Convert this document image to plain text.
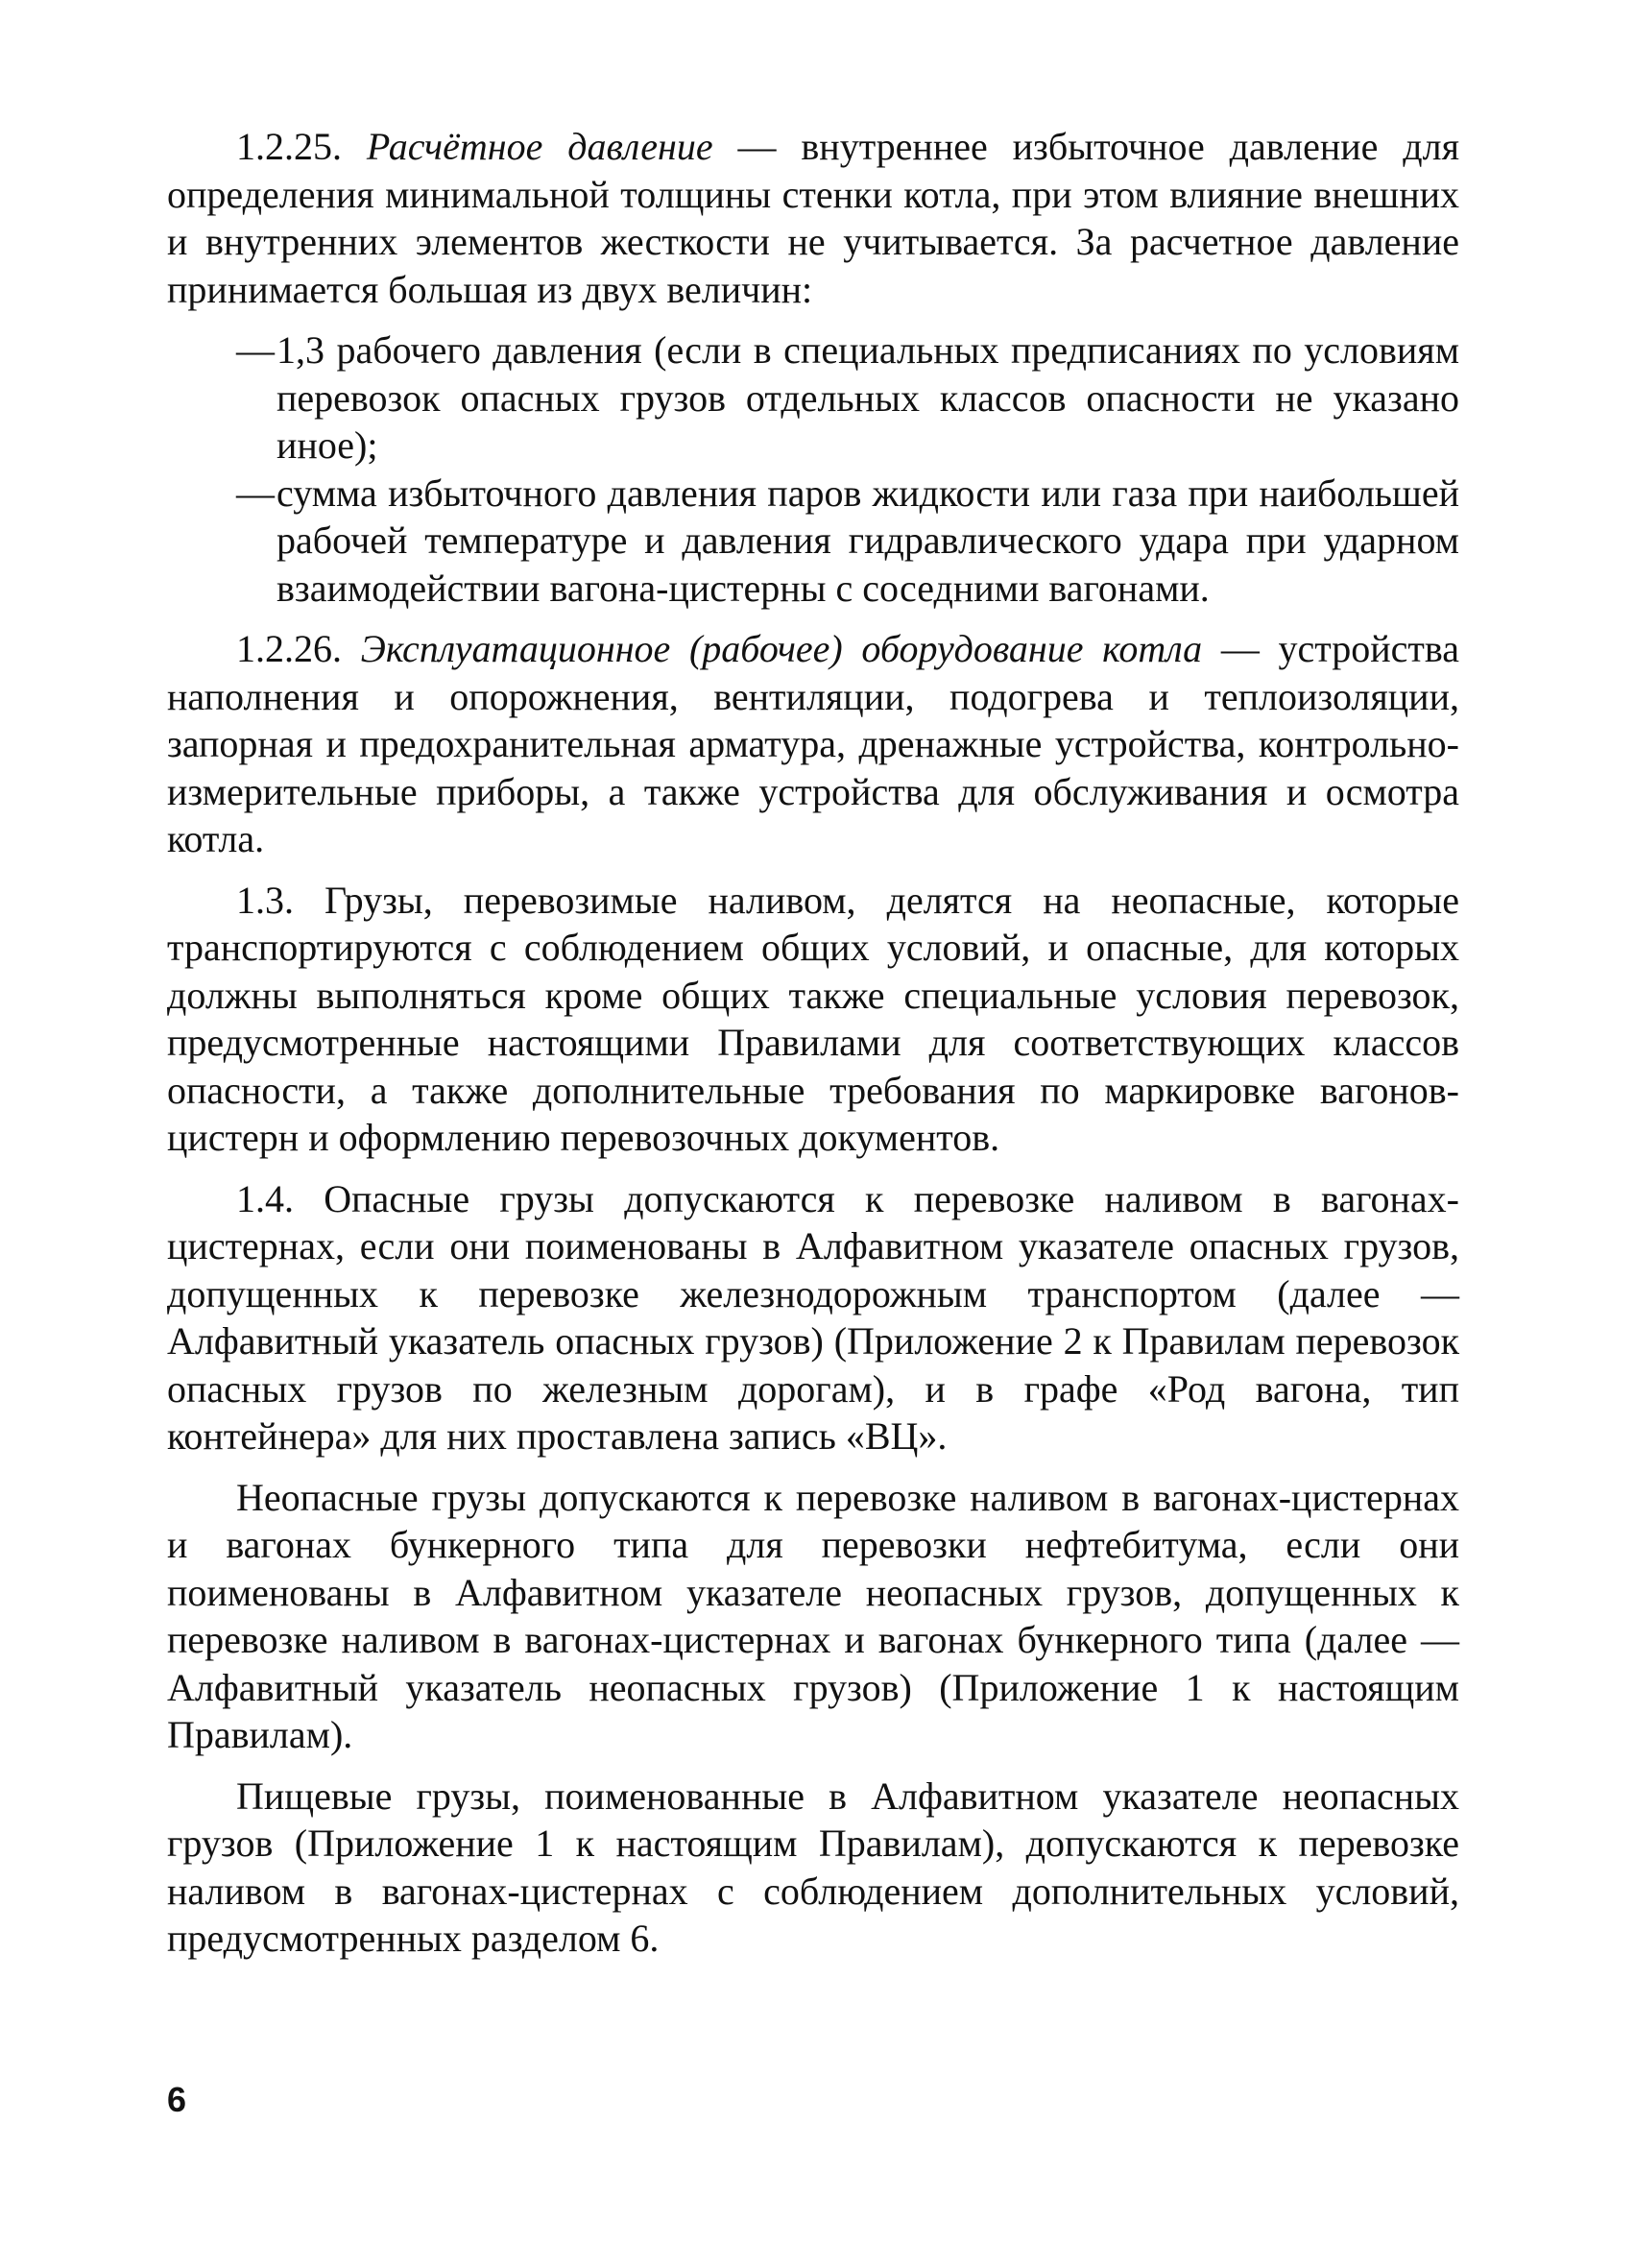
1.2.25. Расчётное давление — внутреннее избыточное давление для определения минимальной толщины стенки котла, при этом влияние внешних и внутренних элементов жесткости не учитывается. За расчетное давление принимается большая из двух величин:

— 1,3 рабочего давления (если в специальных предписаниях по условиям перевозок опасных грузов отдельных классов опасности не указано иное);
— сумма избыточного давления паров жидкости или газа при наибольшей рабочей температуре и давления гидравлического удара при ударном взаимодействии вагона-цистерны с соседними вагонами.

1.2.26. Эксплуатационное (рабочее) оборудование котла — устройства наполнения и опорожнения, вентиляции, подогрева и теплоизоляции, запорная и предохранительная арматура, дренажные устройства, контрольно-измерительные приборы, а также устройства для обслуживания и осмотра котла.

1.3. Грузы, перевозимые наливом, делятся на неопасные, которые транспортируются с соблюдением общих условий, и опасные, для которых должны выполняться кроме общих также специальные условия перевозок, предусмотренные настоящими Правилами для соответствующих классов опасности, а также дополнительные требования по маркировке вагонов-цистерн и оформлению перевозочных документов.

1.4. Опасные грузы допускаются к перевозке наливом в вагонах-цистернах, если они поименованы в Алфавитном указателе опасных грузов, допущенных к перевозке железнодорожным транспортом (далее — Алфавитный указатель опасных грузов) (Приложение 2 к Правилам перевозок опасных грузов по железным дорогам), и в графе «Род вагона, тип контейнера» для них проставлена запись «ВЦ».

Неопасные грузы допускаются к перевозке наливом в вагонах-цистернах и вагонах бункерного типа для перевозки нефтебитума, если они поименованы в Алфавитном указателе неопасных грузов, допущенных к перевозке наливом в вагонах-цистернах и вагонах бункерного типа (далее — Алфавитный указатель неопасных грузов) (Приложение 1 к настоящим Правилам).

Пищевые грузы, поименованные в Алфавитном указателе неопасных грузов (Приложение 1 к настоящим Правилам), допускаются к перевозке наливом в вагонах-цистернах с соблюдением дополнительных условий, предусмотренных разделом 6.

6
